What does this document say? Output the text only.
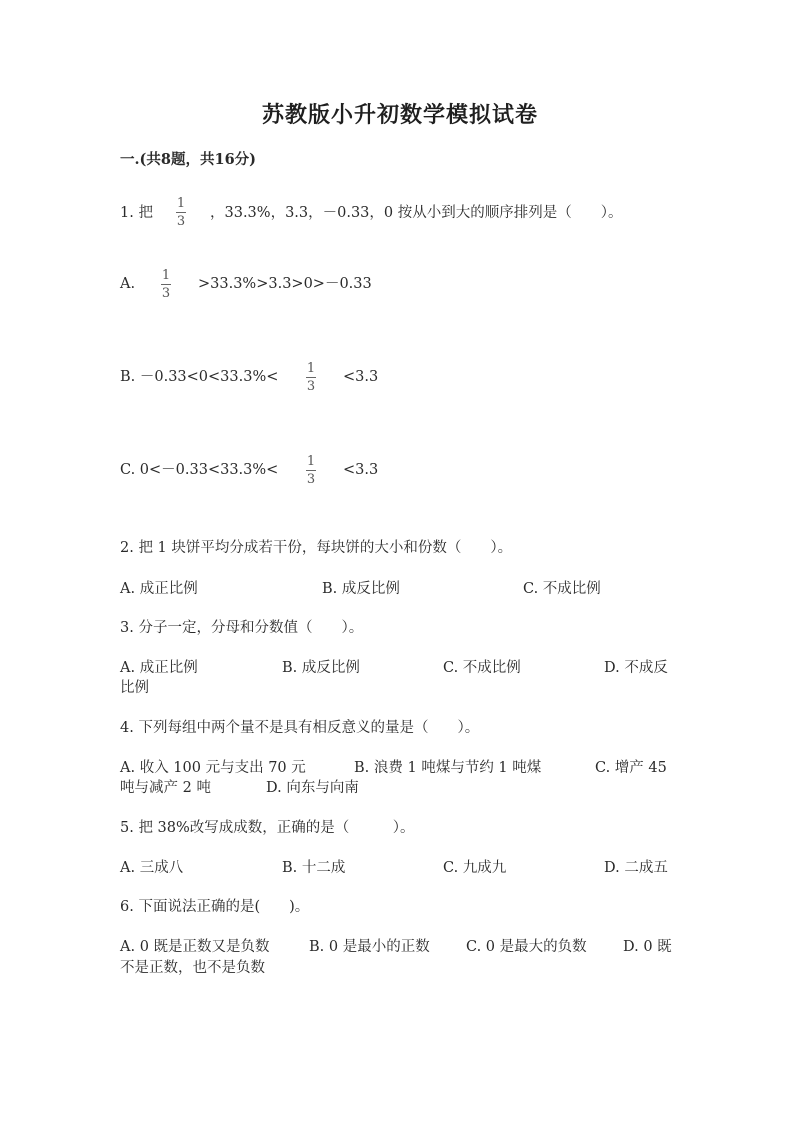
苏教版小升初数学模拟试卷
一.(共8题，共16分)
1. 把
1
3
，33.3%，3.3，－0.33，0 按从小到大的顺序排列是（　　）。
A.
1
3
>33.3%>3.3>0>－0.33
B. －0.33<0<33.3%<
1
3
<3.3
C. 0<－0.33<33.3%<
1
3
<3.3
2. 把 1 块饼平均分成若干份，每块饼的大小和份数（　　）。
A. 成正比例	B. 成反比例	C. 不成比例
3. 分子一定，分母和分数值（　　）。
A. 成正比例	B. 成反比例	C. 不成比例	D. 不成反
比例
4. 下列每组中两个量不是具有相反意义的量是（　　）。
A. 收入 100 元与支出 70 元	B. 浪费 1 吨煤与节约 1 吨煤	C. 增产 45
吨与减产 2 吨	D. 向东与向南
5. 把 38%改写成成数，正确的是（　　　）。
A. 三成八	B. 十二成	C. 九成九	D. 二成五
6. 下面说法正确的是(　　)。
A. 0 既是正数又是负数	B. 0 是最小的正数	C. 0 是最大的负数	D. 0 既
不是正数，也不是负数
